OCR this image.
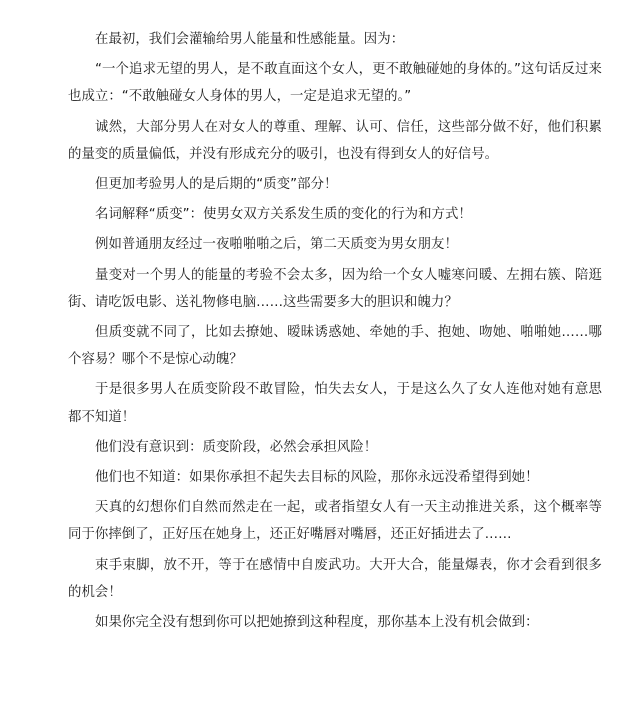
在最初，我们会灌输给男人能量和性感能量。因为：

“一个追求无望的男人，是不敢直面这个女人，更不敢触碰她的身体的。”这句话反过来也成立：“不敢触碰女人身体的男人，一定是追求无望的。”

诚然，大部分男人在对女人的尊重、理解、认可、信任，这些部分做不好，他们积累的量变的质量偏低，并没有形成充分的吸引，也没有得到女人的好信号。

但更加考验男人的是后期的“质变”部分！

名词解释“质变”：使男女双方关系发生质的变化的行为和方式！

例如普通朋友经过一夜啪啪啪之后，第二天质变为男女朋友！

量变对一个男人的能量的考验不会太多，因为给一个女人嘘寒问暖、左拥右簇、陪逛街、请吃饭电影、送礼物修电脑……这些需要多大的胆识和魄力？

但质变就不同了，比如去撩她、暧昧诱惑她、牵她的手、抱她、吻她、啪啪她……哪个容易？哪个不是惊心动魄？

于是很多男人在质变阶段不敢冒险，怕失去女人，于是这么久了女人连他对她有意思都不知道！

他们没有意识到：质变阶段，必然会承担风险！

他们也不知道：如果你承担不起失去目标的风险，那你永远没希望得到她！

天真的幻想你们自然而然走在一起，或者指望女人有一天主动推进关系，这个概率等同于你摔倒了，正好压在她身上，还正好嘴唇对嘴唇，还正好插进去了……

束手束脚，放不开，等于在感情中自废武功。大开大合，能量爆表，你才会看到很多的机会！

如果你完全没有想到你可以把她撩到这种程度，那你基本上没有机会做到：
